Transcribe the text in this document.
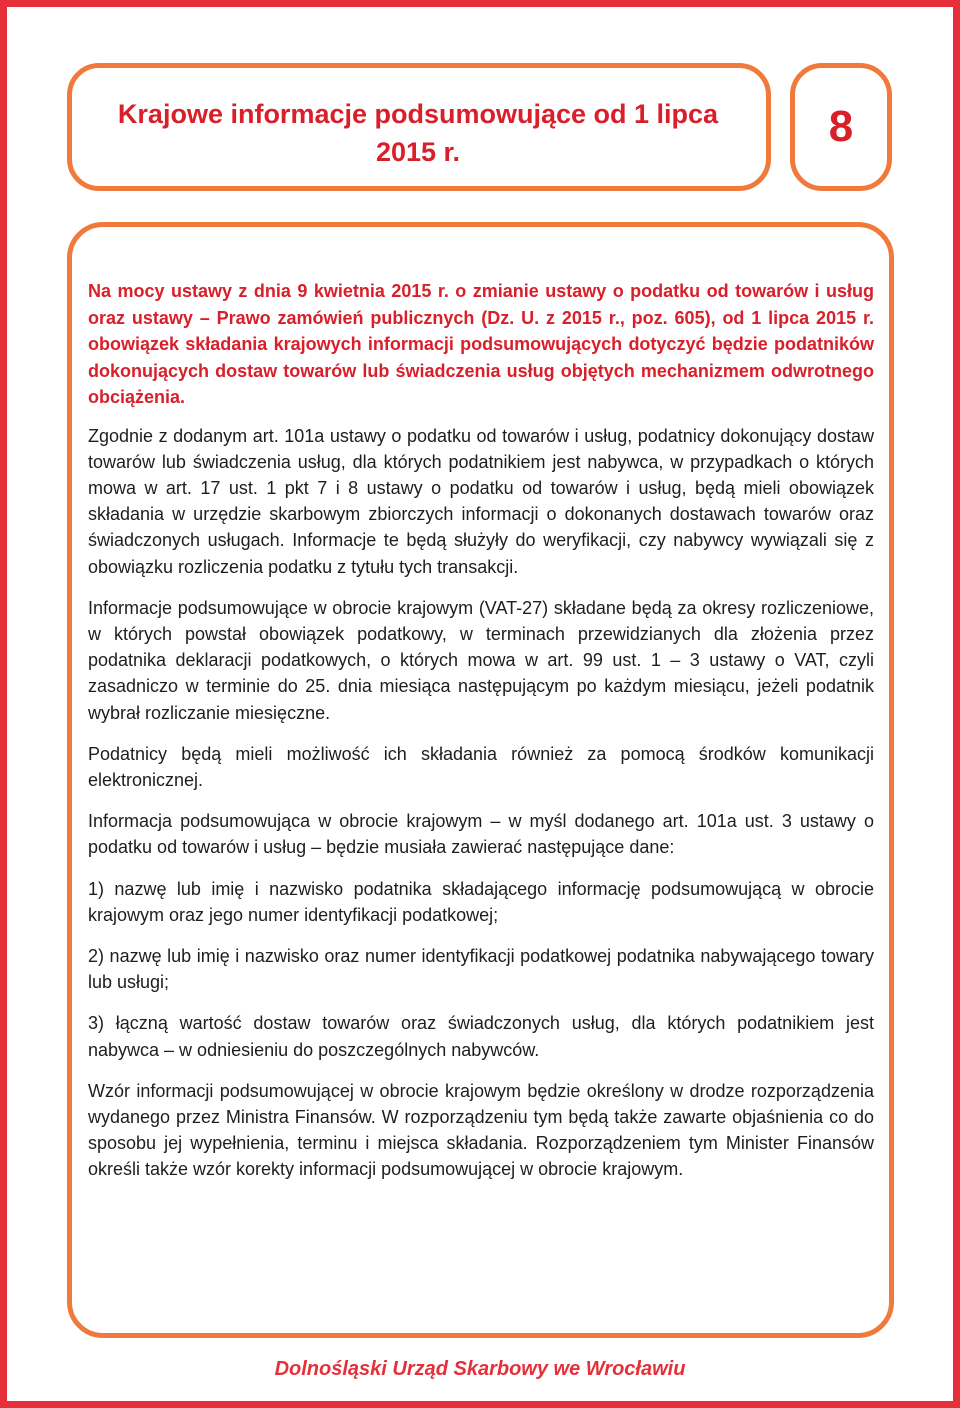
Krajowe informacje podsumowujące od 1 lipca 2015 r.
8

Na mocy ustawy z dnia 9 kwietnia 2015 r. o zmianie ustawy o podatku od towarów i usług oraz ustawy – Prawo zamówień publicznych (Dz. U. z 2015 r., poz. 605), od 1 lipca 2015 r. obowiązek składania krajowych informacji podsumowujących dotyczyć będzie podatników dokonujących dostaw towarów lub świadczenia usług objętych mechanizmem odwrotnego obciążenia.

Zgodnie z dodanym art. 101a ustawy o podatku od towarów i usług, podatnicy dokonujący dostaw towarów lub świadczenia usług, dla których podatnikiem jest nabywca, w przypadkach o których mowa w art. 17 ust. 1 pkt 7 i 8 ustawy o podatku od towarów i usług, będą mieli obowiązek składania w urzędzie skarbowym zbiorczych informacji o dokonanych dostawach towarów oraz świadczonych usługach. Informacje te będą służyły do weryfikacji, czy nabywcy wywiązali się z obowiązku rozliczenia podatku z tytułu tych transakcji.

Informacje podsumowujące w obrocie krajowym (VAT-27) składane będą za okresy rozliczeniowe, w których powstał obowiązek podatkowy, w terminach przewidzianych dla złożenia przez podatnika deklaracji podatkowych, o których mowa w art. 99 ust. 1 – 3 ustawy o VAT, czyli zasadniczo w terminie do 25. dnia miesiąca następującym po każdym miesiącu, jeżeli podatnik wybrał rozliczanie miesięczne.

Podatnicy będą mieli możliwość ich składania również za pomocą środków komunikacji elektronicznej.

Informacja podsumowująca w obrocie krajowym – w myśl dodanego art. 101a ust. 3 ustawy o podatku od towarów i usług – będzie musiała zawierać następujące dane:

1) nazwę lub imię i nazwisko podatnika składającego informację podsumowującą w obrocie krajowym oraz jego numer identyfikacji podatkowej;

2) nazwę lub imię i nazwisko oraz numer identyfikacji podatkowej podatnika nabywającego towary lub usługi;

3) łączną wartość dostaw towarów oraz świadczonych usług, dla których podatnikiem jest nabywca – w odniesieniu do poszczególnych nabywców.

Wzór informacji podsumowującej w obrocie krajowym będzie określony w drodze rozporządzenia wydanego przez Ministra Finansów. W rozporządzeniu tym będą także zawarte objaśnienia co do sposobu jej wypełnienia, terminu i miejsca składania. Rozporządzeniem tym Minister Finansów określi także wzór korekty informacji podsumowującej w obrocie krajowym.

Dolnośląski Urząd Skarbowy we Wrocławiu
